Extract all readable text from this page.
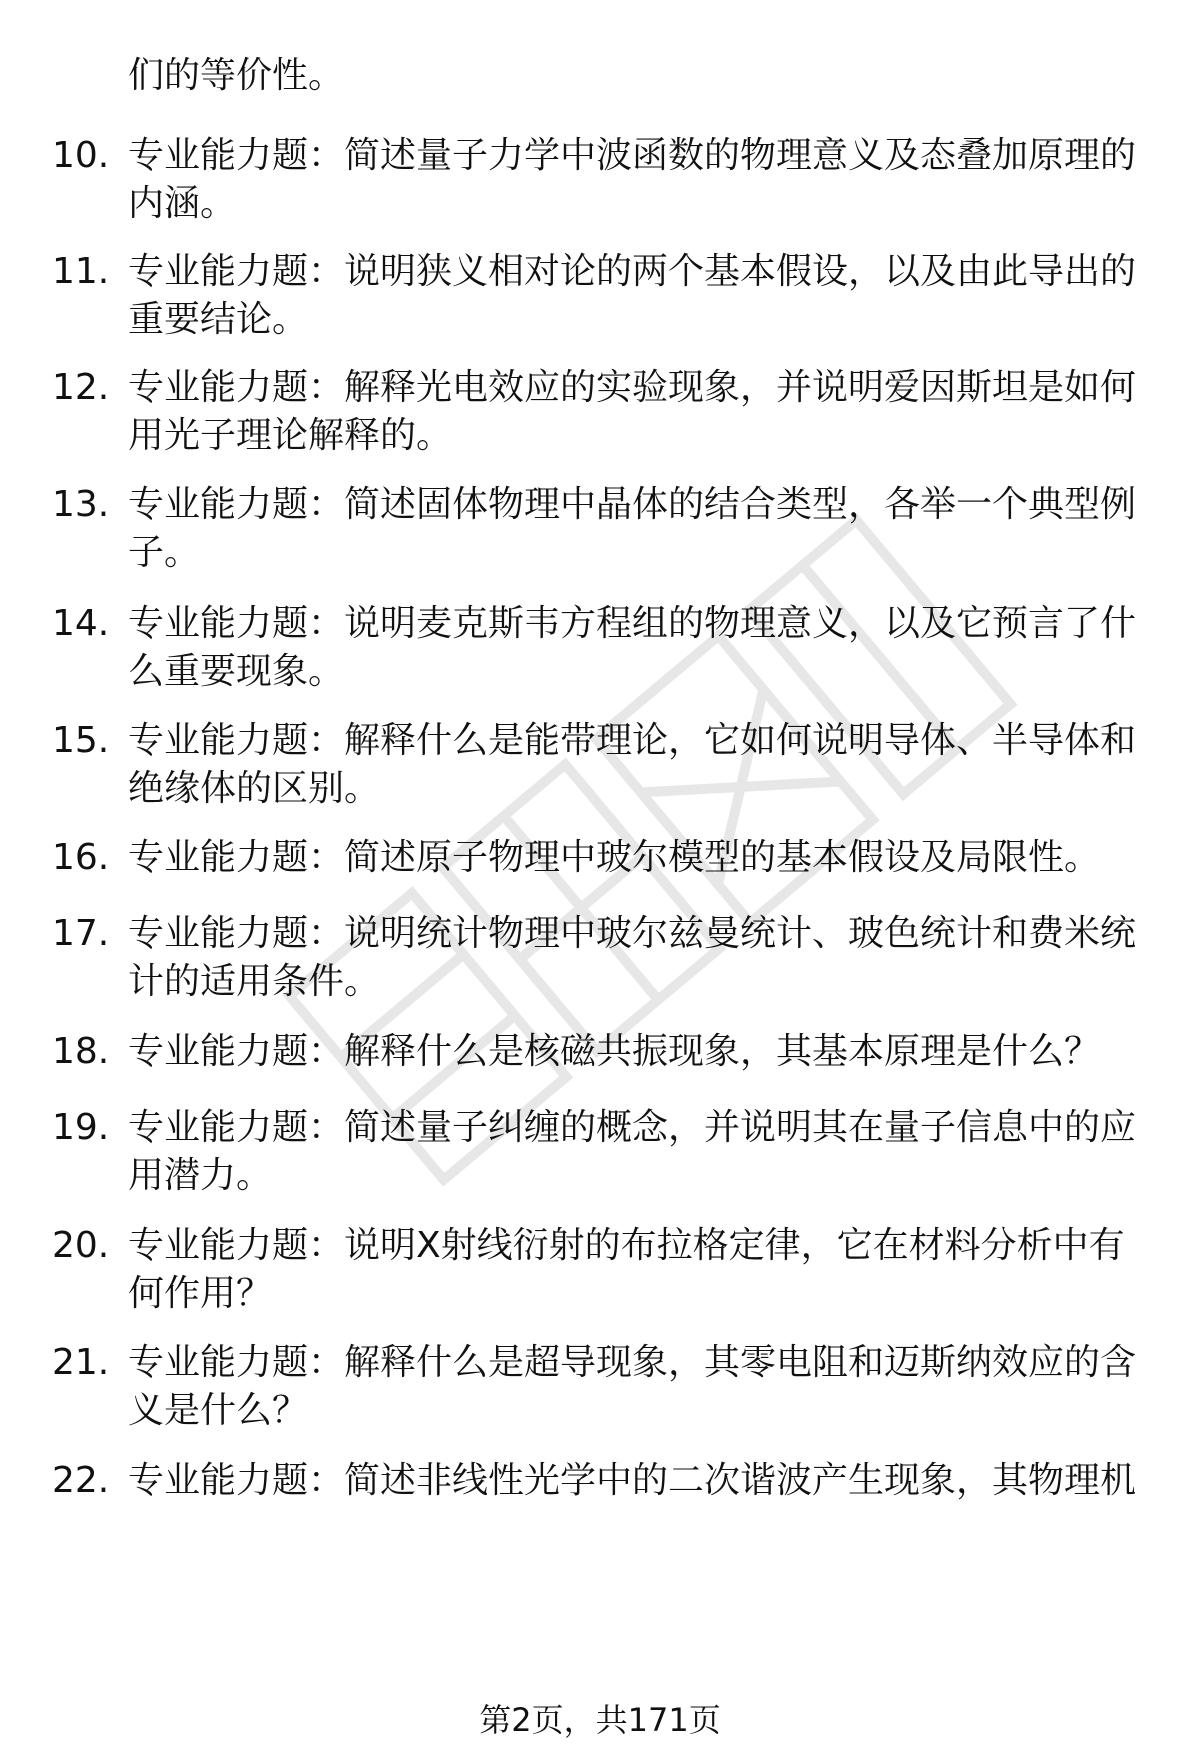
们的等价性。
10. 专业能力题：简述量子力学中波函数的物理意义及态叠加原理的内涵。
11. 专业能力题：说明狭义相对论的两个基本假设，以及由此导出的重要结论。
12. 专业能力题：解释光电效应的实验现象，并说明爱因斯坦是如何用光子理论解释的。
13. 专业能力题：简述固体物理中晶体的结合类型，各举一个典型例子。
14. 专业能力题：说明麦克斯韦方程组的物理意义，以及它预言了什么重要现象。
15. 专业能力题：解释什么是能带理论，它如何说明导体、半导体和绝缘体的区别。
16. 专业能力题：简述原子物理中玻尔模型的基本假设及局限性。
17. 专业能力题：说明统计物理中玻尔兹曼统计、玻色统计和费米统计的适用条件。
18. 专业能力题：解释什么是核磁共振现象，其基本原理是什么？
19. 专业能力题：简述量子纠缠的概念，并说明其在量子信息中的应用潜力。
20. 专业能力题：说明X射线衍射的布拉格定律，它在材料分析中有何作用？
21. 专业能力题：解释什么是超导现象，其零电阻和迈斯纳效应的含义是什么？
22. 专业能力题：简述非线性光学中的二次谐波产生现象，其物理机
第2页，共171页
